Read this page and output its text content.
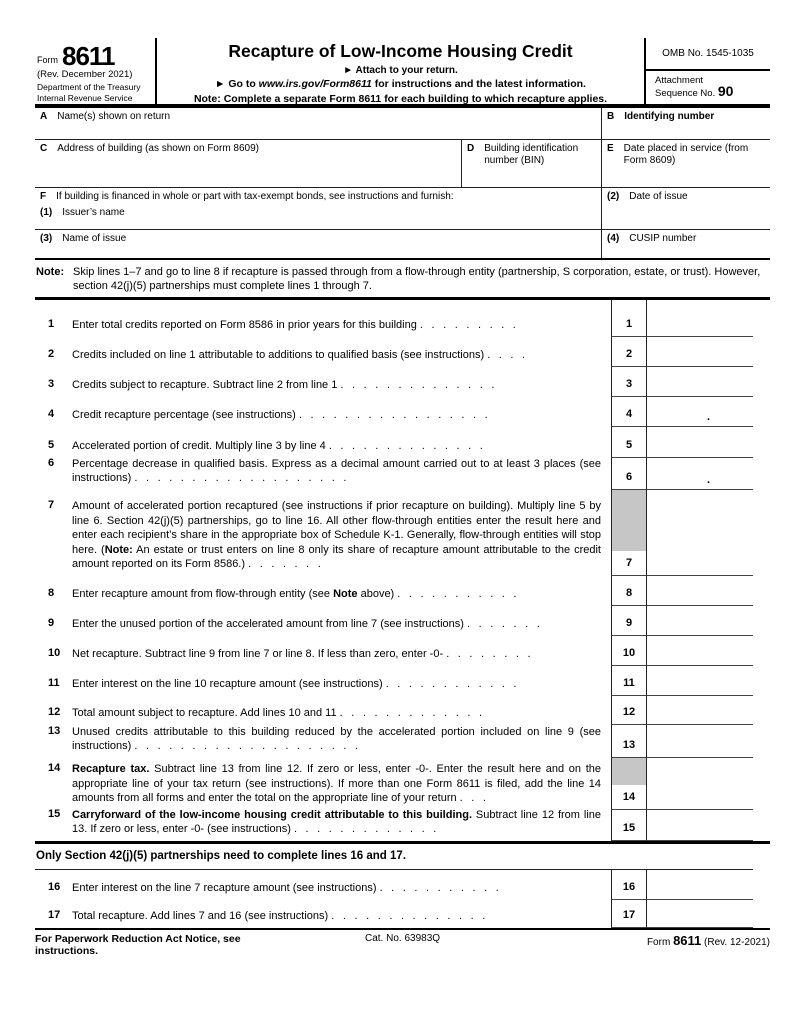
Form 8611
(Rev. December 2021)
Department of the Treasury
Internal Revenue Service
Recapture of Low-Income Housing Credit
► Attach to your return.
► Go to www.irs.gov/Form8611 for instructions and the latest information.
Note: Complete a separate Form 8611 for each building to which recapture applies.
OMB No. 1545-1035
Attachment
Sequence No. 90
A Name(s) shown on return	B Identifying number
C Address of building (as shown on Form 8609)	D Building identification number (BIN)
E Date placed in service (from Form 8609)
F If building is financed in whole or part with tax-exempt bonds, see instructions and furnish:
(1) Issuer’s name
(2) Date of issue
(3) Name of issue	(4) CUSIP number
Note: Skip lines 1–7 and go to line 8 if recapture is passed through from a flow-through entity (partnership, S corporation, estate, or trust). However, section 42(j)(5) partnerships must complete lines 1 through 7.
1	Enter total credits reported on Form 8586 in prior years for this building . . . . . . . . .	1
2	Credits included on line 1 attributable to additions to qualified basis (see instructions) . . . .	2
3	Credits subject to recapture. Subtract line 2 from line 1 . . . . . . . . . . . . . .	3
4	Credit recapture percentage (see instructions) . . . . . . . . . . . . . . . . .	4	.
5	Accelerated portion of credit. Multiply line 3 by line 4 . . . . . . . . . . . . . .	5
6	Percentage decrease in qualified basis. Express as a decimal amount carried out to at least 3 places (see instructions) . . . . . . . . . . . . . . . . . . .	6	.
7	Amount of accelerated portion recaptured (see instructions if prior recapture on building). Multiply line 5 by line 6. Section 42(j)(5) partnerships, go to line 16. All other flow-through entities enter the result here and enter each recipient’s share in the appropriate box of Schedule K-1. Generally, flow-through entities will stop here. (Note: An estate or trust enters on line 8 only its share of recapture amount attributable to the credit amount reported on its Form 8586.) . . . . . . .	7
8	Enter recapture amount from flow-through entity (see Note above) . . . . . . . . . . .	8
9	Enter the unused portion of the accelerated amount from line 7 (see instructions) . . . . . . .	9
10	Net recapture. Subtract line 9 from line 7 or line 8. If less than zero, enter -0- . . . . . . . .	10
11	Enter interest on the line 10 recapture amount (see instructions) . . . . . . . . . . . .	11
12	Total amount subject to recapture. Add lines 10 and 11 . . . . . . . . . . . . .	12
13	Unused credits attributable to this building reduced by the accelerated portion included on line 9 (see instructions) . . . . . . . . . . . . . . . . . . . .	13
14	Recapture tax. Subtract line 13 from line 12. If zero or less, enter -0-. Enter the result here and on the appropriate line of your tax return (see instructions). If more than one Form 8611 is filed, add the line 14 amounts from all forms and enter the total on the appropriate line of your return . . .	14
15	Carryforward of the low-income housing credit attributable to this building. Subtract line 12 from line 13. If zero or less, enter -0- (see instructions) . . . . . . . . . . . . .	15
Only Section 42(j)(5) partnerships need to complete lines 16 and 17.
16	Enter interest on the line 7 recapture amount (see instructions) . . . . . . . . . . .	16
17	Total recapture. Add lines 7 and 16 (see instructions) . . . . . . . . . . . . . .	17
For Paperwork Reduction Act Notice, see instructions.
Cat. No. 63983Q	Form 8611 (Rev. 12-2021)
